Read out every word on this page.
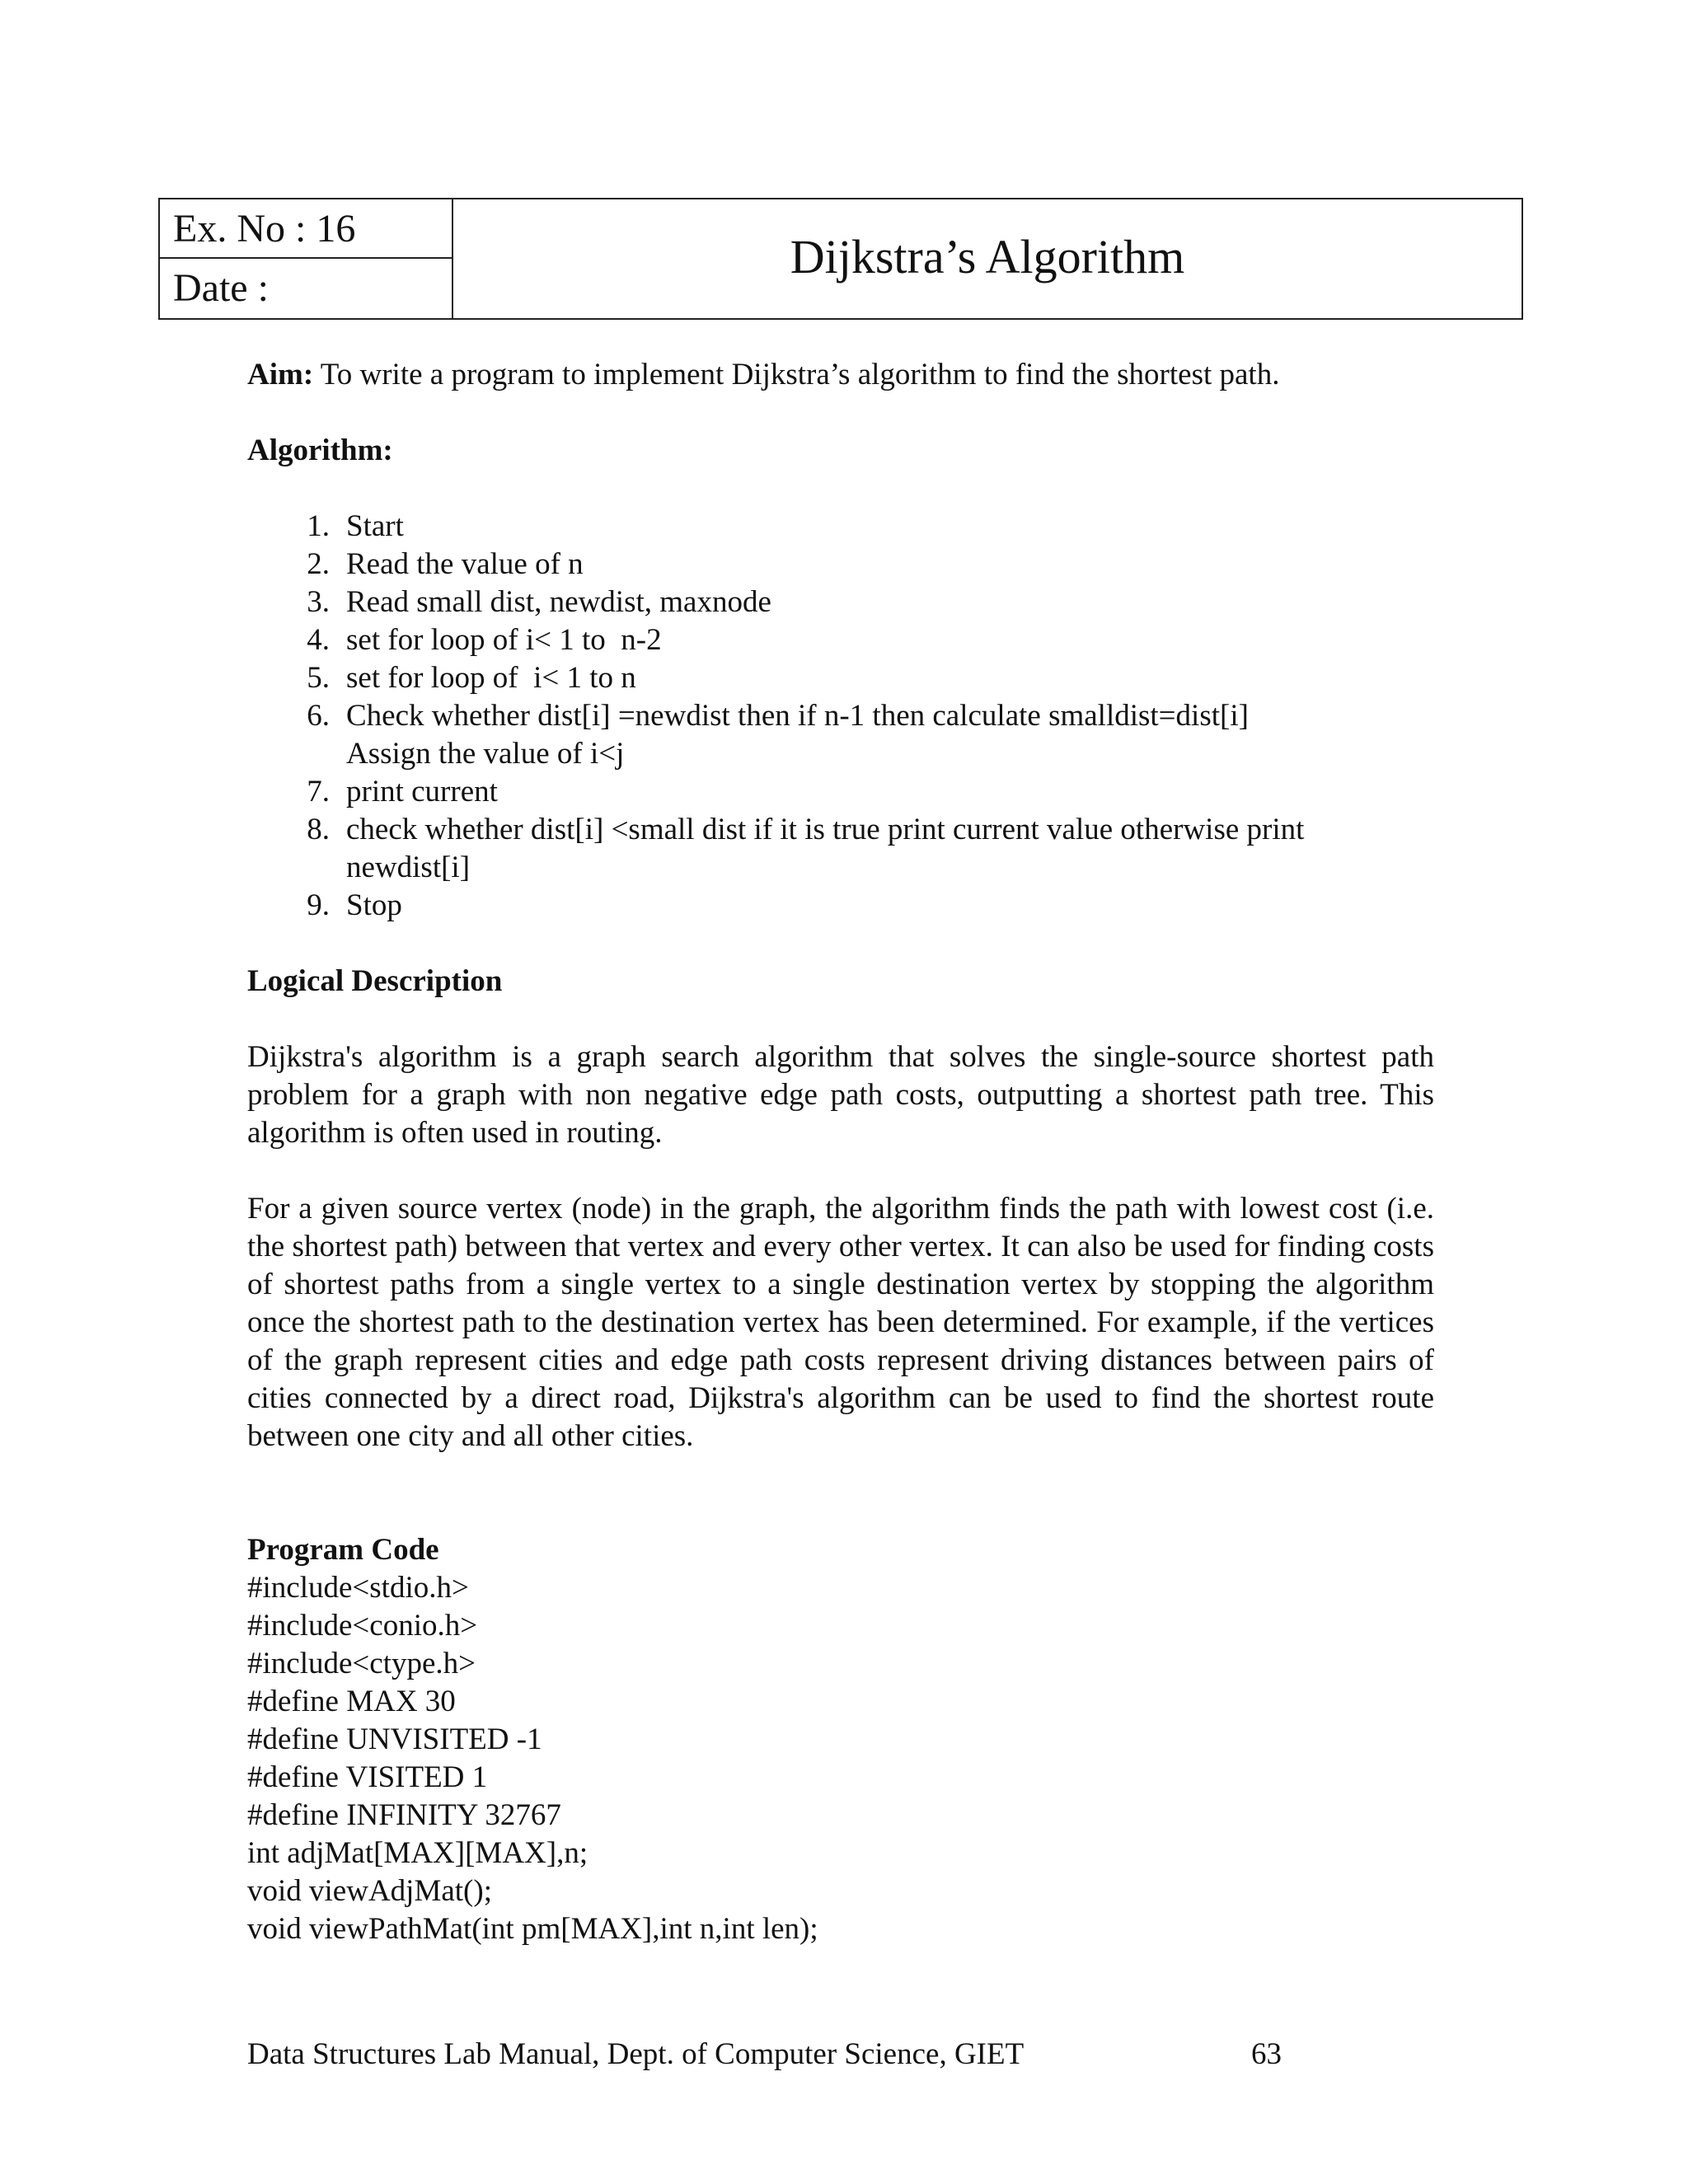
Ex. No : 16
Date :
Dijkstra’s Algorithm

Aim: To write a program to implement Dijkstra’s algorithm to find the shortest path.

Algorithm:

1. Start
2. Read the value of n
3. Read small dist, newdist, maxnode
4. set for loop of i< 1 to  n-2
5. set for loop of  i< 1 to n
6. Check whether dist[i] =newdist then if n-1 then calculate smalldist=dist[i]
Assign the value of i<j
7. print current
8. check whether dist[i] <small dist if it is true print current value otherwise print
newdist[i]
9. Stop

Logical Description

Dijkstra's algorithm is a graph search algorithm that solves the single-source shortest path problem for a graph with non negative edge path costs, outputting a shortest path tree. This algorithm is often used in routing.

For a given source vertex (node) in the graph, the algorithm finds the path with lowest cost (i.e. the shortest path) between that vertex and every other vertex. It can also be used for finding costs of shortest paths from a single vertex to a single destination vertex by stopping the algorithm once the shortest path to the destination vertex has been determined. For example, if the vertices of the graph represent cities and edge path costs represent driving distances between pairs of cities connected by a direct road, Dijkstra's algorithm can be used to find the shortest route between one city and all other cities.

Program Code

#include<stdio.h>

#include<conio.h>

#include<ctype.h>

#define MAX 30

#define UNVISITED -1

#define VISITED 1

#define INFINITY 32767

int adjMat[MAX][MAX],n;

void viewAdjMat();

void viewPathMat(int pm[MAX],int n,int len);

Data Structures Lab Manual, Dept. of Computer Science, GIET	63
